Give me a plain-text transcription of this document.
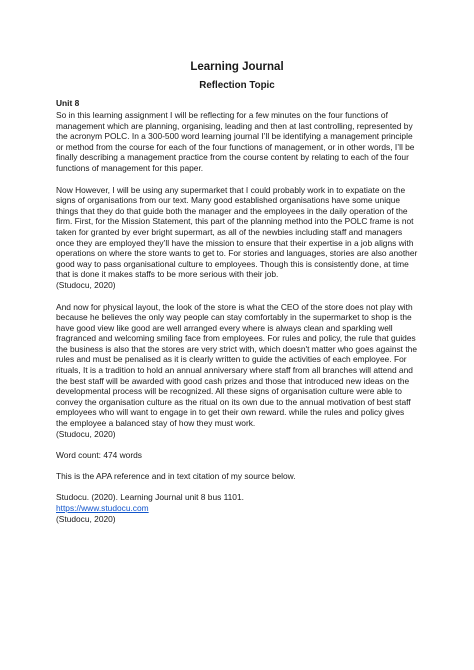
Learning Journal
Reflection Topic
Unit 8

So in this learning assignment I will be reflecting for a few minutes on the four functions of management which are planning, organising, leading and then at last controlling, represented by the acronym POLC. In a 300-500 word learning journal I’ll be identifying a management principle or method from the course for each of the four functions of management, or in other words, I’ll be finally describing a management practice from the course content by relating to each of the four functions of management for this paper.

Now However, I will be using any supermarket that I could probably work in to expatiate on the signs of organisations from our text. Many good established organisations have some unique things that they do that guide both the manager and the employees in the daily operation of the firm. First, for the Mission Statement, this part of the planning method into the POLC frame is not taken for granted by ever bright supermart, as all of the newbies including staff and managers once they are employed they’ll have the mission to ensure that their expertise in a job aligns with operations on where the store wants to get to. For stories and languages, stories are also another good way to pass organisational culture to employees. Though this is consistently done, at time that is done it makes staffs to be more serious with their job.
(Studocu, 2020)

And now for physical layout, the look of the store is what the CEO of the store does not play with because he believes the only way people can stay comfortably in the supermarket to shop is the have good view like good are well arranged every where is always clean and sparkling well fragranced and welcoming smiling face from employees. For rules and policy, the rule that guides the business is also that the stores are very strict with, which doesn't matter who goes against the rules and must be penalised as it is clearly written to guide the activities of each employee. For rituals, It is a tradition to hold an annual anniversary where staff from all branches will attend and the best staff will be awarded with good cash prizes and those that introduced new ideas on the developmental process will be recognized. All these signs of organisation culture were able to convey the organisation culture as the ritual on its own due to the annual motivation of best staff employees who will want to engage in to get their own reward. while the rules and policy gives the employee a balanced stay of how they must work.
(Studocu, 2020)

Word count: 474 words

This is the APA reference and in text citation of my source below.

Studocu. (2020). Learning Journal unit 8 bus 1101.

https://www.studocu.com

(Studocu, 2020)
